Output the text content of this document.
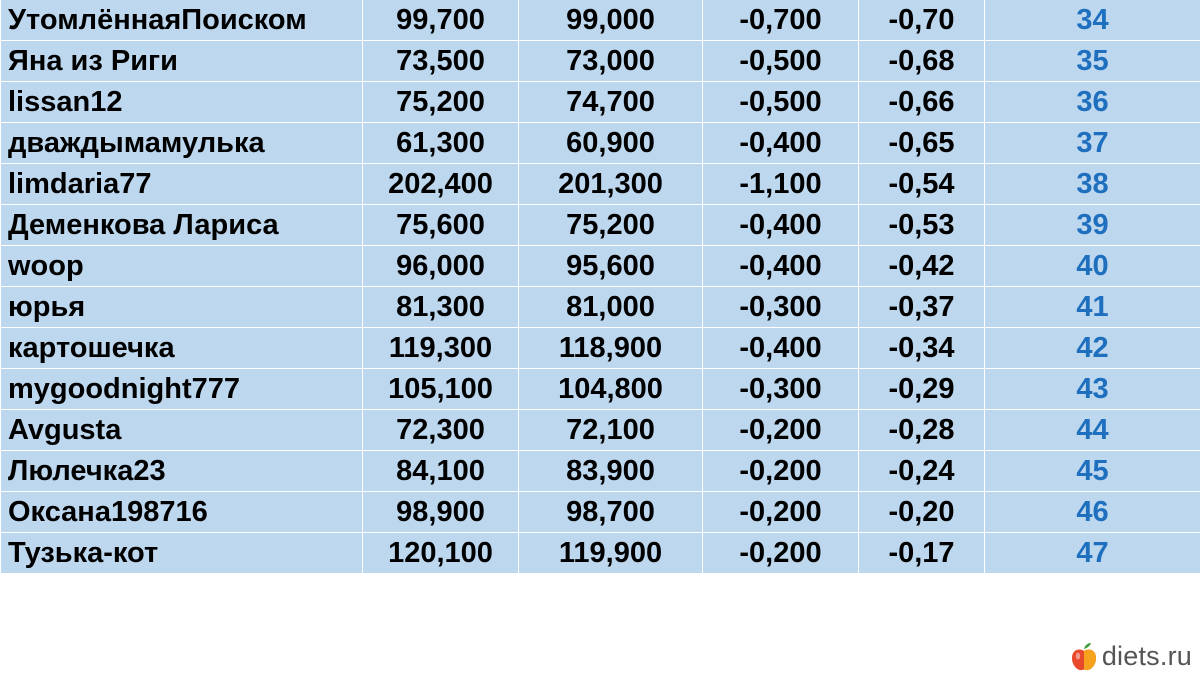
УтомлённаяПоиском	99,700	99,000	-0,700	-0,70	34
Яна из Риги	73,500	73,000	-0,500	-0,68	35
lissan12	75,200	74,700	-0,500	-0,66	36
дваждымамулька	61,300	60,900	-0,400	-0,65	37
limdaria77	202,400	201,300	-1,100	-0,54	38
Деменкова Лариса	75,600	75,200	-0,400	-0,53	39
woop	96,000	95,600	-0,400	-0,42	40
юрья	81,300	81,000	-0,300	-0,37	41
картошечка	119,300	118,900	-0,400	-0,34	42
mygoodnight777	105,100	104,800	-0,300	-0,29	43
Avgusta	72,300	72,100	-0,200	-0,28	44
Люлечка23	84,100	83,900	-0,200	-0,24	45
Оксана198716	98,900	98,700	-0,200	-0,20	46
Тузька-кот	120,100	119,900	-0,200	-0,17	47
diets.ru
